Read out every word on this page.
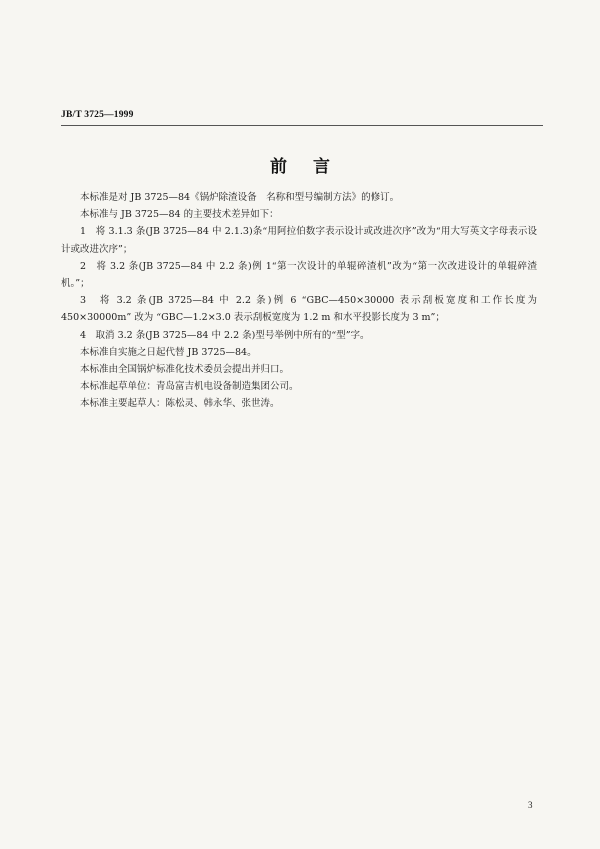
JB/T 3725—1999
前言

本标准是对 JB 3725—84《锅炉除渣设备　名称和型号编制方法》的修订。

本标准与 JB 3725—84 的主要技术差异如下：

1　将 3.1.3 条(JB 3725—84 中 2.1.3)条“用阿拉伯数字表示设计或改进次序”改为“用大写英文字母表示设计或改进次序”；

2　将 3.2 条(JB 3725—84 中 2.2 条)例 1“第一次设计的单辊碎渣机”改为“第一次改进设计的单辊碎渣机。”；

3　将 3.2 条(JB 3725—84 中 2.2 条)例 6 “GBC—450×30000 表示刮板宽度和工作长度为 450×30000m” 改为 “GBC—1.2×3.0 表示刮板宽度为 1.2 m 和水平投影长度为 3 m”；

4　取消 3.2 条(JB 3725—84 中 2.2 条)型号举例中所有的“型”字。

本标准自实施之日起代替 JB 3725—84。

本标准由全国锅炉标准化技术委员会提出并归口。

本标准起草单位：青岛富吉机电设备制造集团公司。

本标准主要起草人：陈松灵、韩永华、张世涛。

3
